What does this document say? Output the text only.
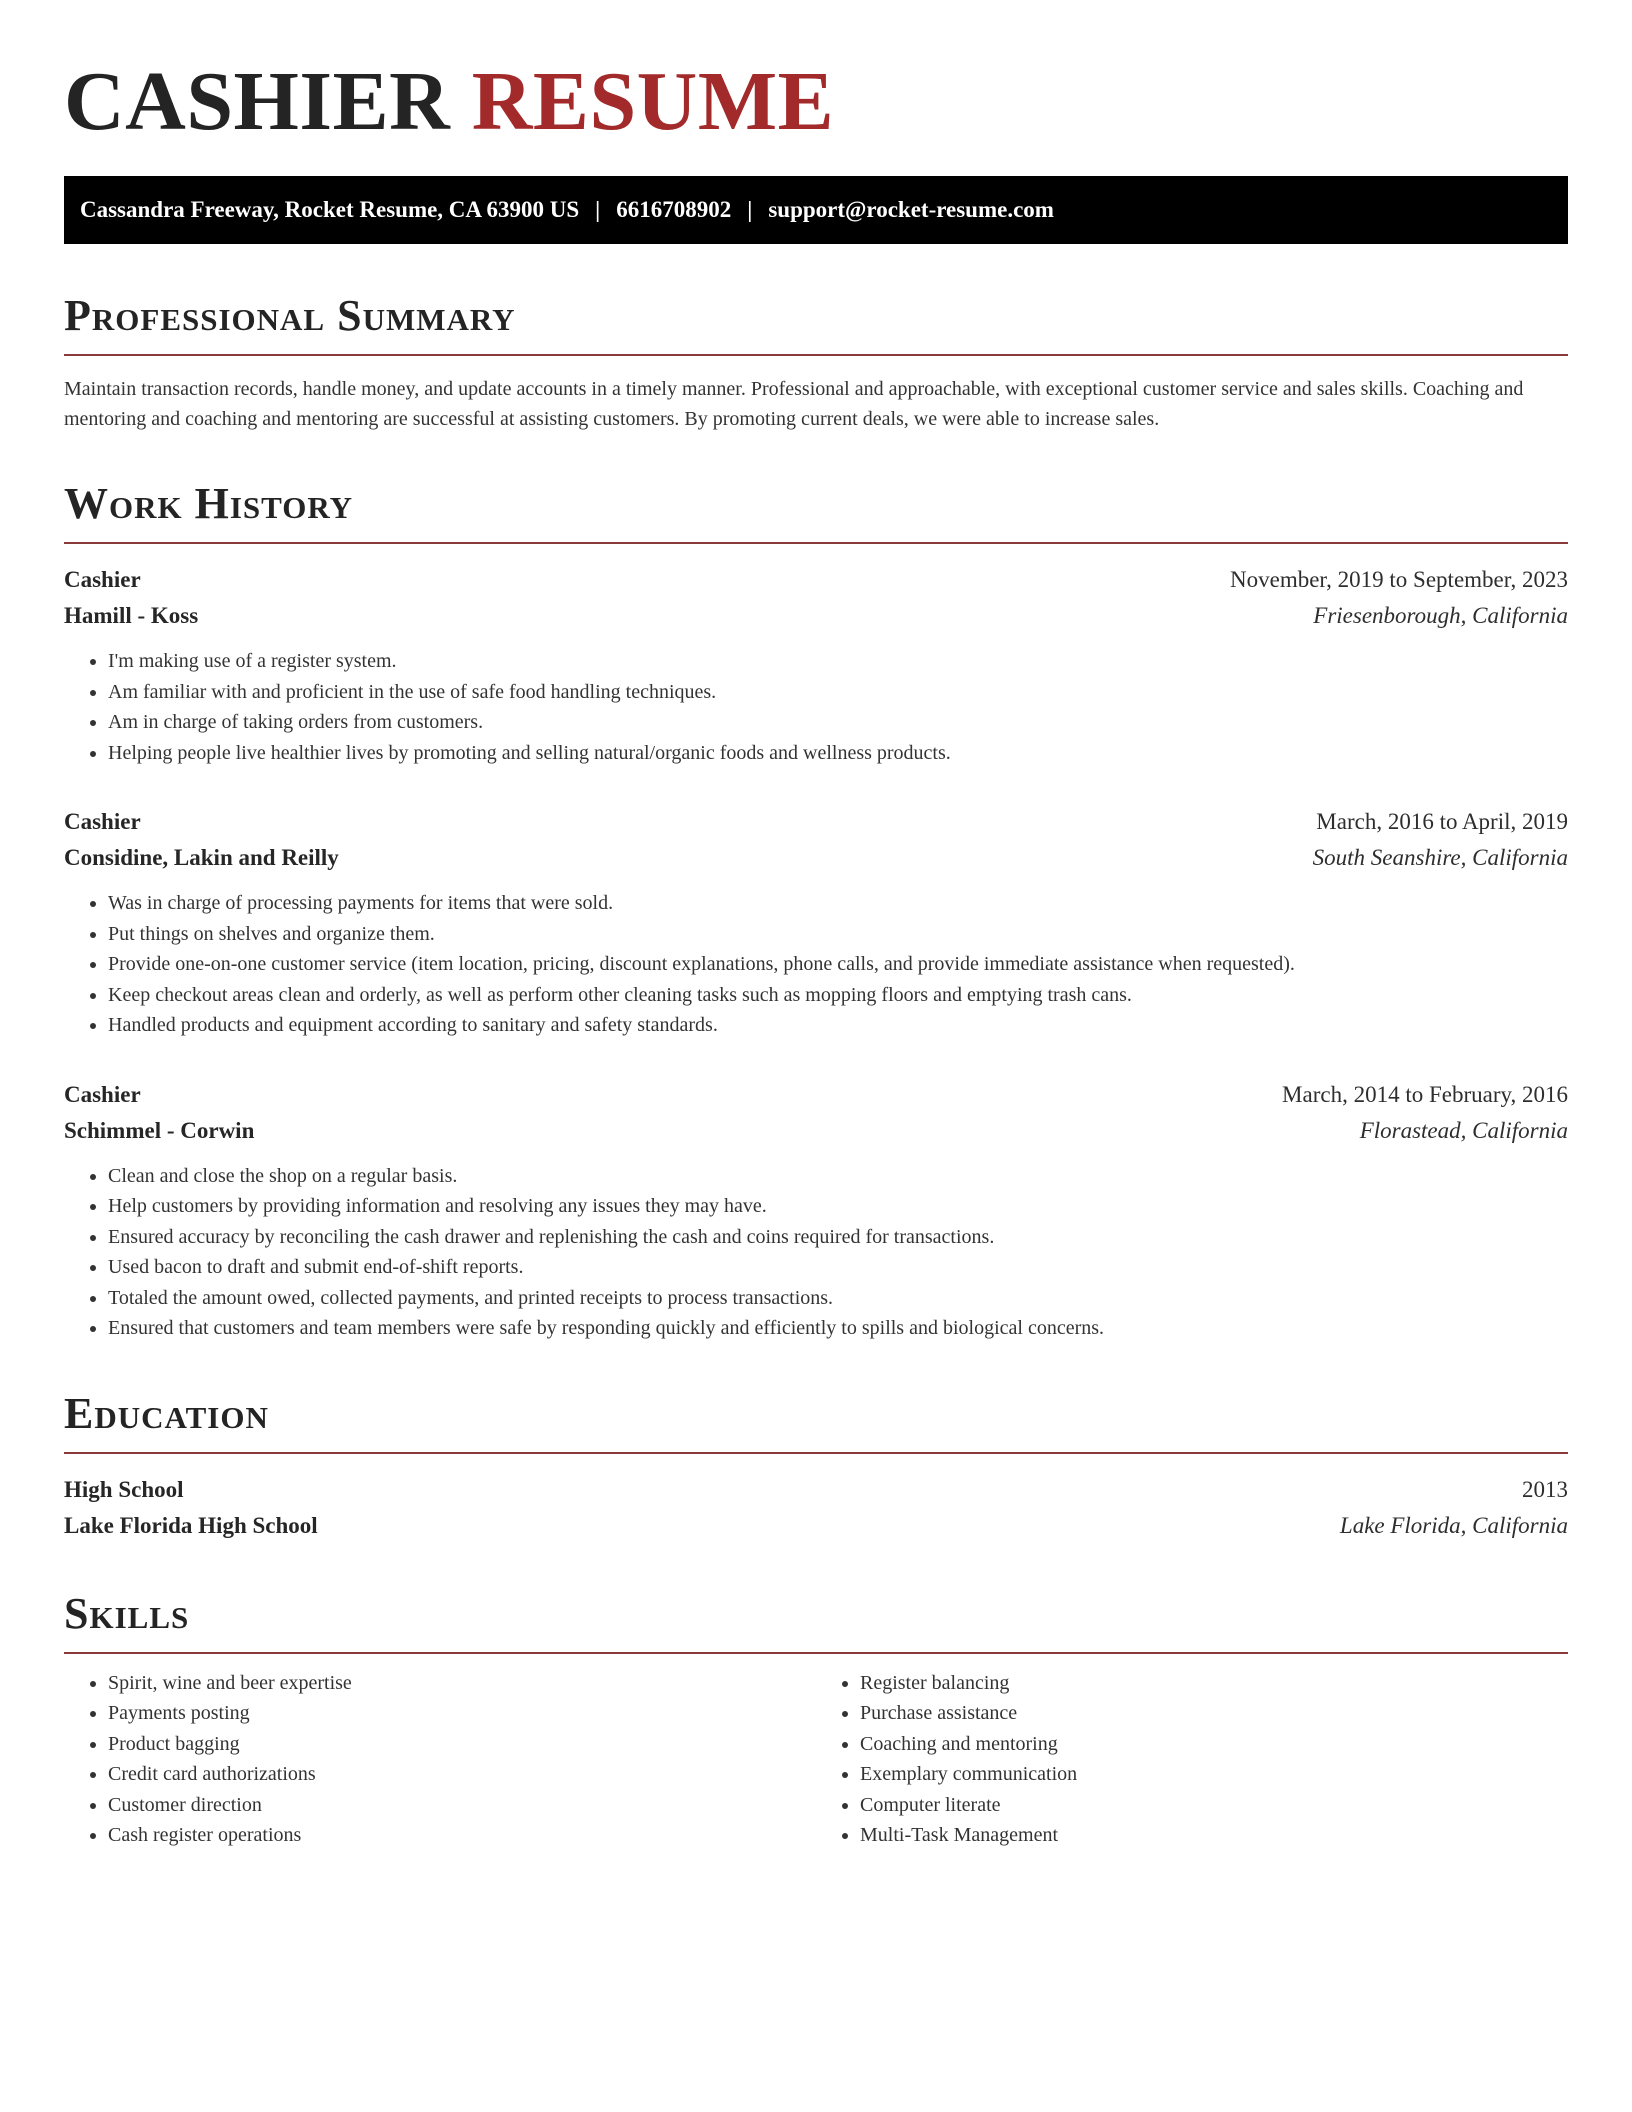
CASHIER RESUME
Cassandra Freeway, Rocket Resume, CA 63900 US | 6616708902 | support@rocket-resume.com
Professional Summary

Maintain transaction records, handle money, and update accounts in a timely manner. Professional and approachable, with exceptional customer service and sales skills. Coaching and mentoring and coaching and mentoring are successful at assisting customers. By promoting current deals, we were able to increase sales.

Work History
Cashier	November, 2019 to September, 2023
Hamill - Koss	Friesenborough, California
• I'm making use of a register system.
• Am familiar with and proficient in the use of safe food handling techniques.
• Am in charge of taking orders from customers.
• Helping people live healthier lives by promoting and selling natural/organic foods and wellness products.
Cashier	March, 2016 to April, 2019
Considine, Lakin and Reilly	South Seanshire, California
• Was in charge of processing payments for items that were sold.
• Put things on shelves and organize them.
• Provide one-on-one customer service (item location, pricing, discount explanations, phone calls, and provide immediate assistance when requested).
• Keep checkout areas clean and orderly, as well as perform other cleaning tasks such as mopping floors and emptying trash cans.
• Handled products and equipment according to sanitary and safety standards.
Cashier	March, 2014 to February, 2016
Schimmel - Corwin	Florastead, California
• Clean and close the shop on a regular basis.
• Help customers by providing information and resolving any issues they may have.
• Ensured accuracy by reconciling the cash drawer and replenishing the cash and coins required for transactions.
• Used bacon to draft and submit end-of-shift reports.
• Totaled the amount owed, collected payments, and printed receipts to process transactions.
• Ensured that customers and team members were safe by responding quickly and efficiently to spills and biological concerns.
Education
High School	2013
Lake Florida High School	Lake Florida, California
Skills
• Spirit, wine and beer expertise
• Payments posting
• Product bagging
• Credit card authorizations
• Customer direction
• Cash register operations
• Register balancing
• Purchase assistance
• Coaching and mentoring
• Exemplary communication
• Computer literate
• Multi-Task Management
